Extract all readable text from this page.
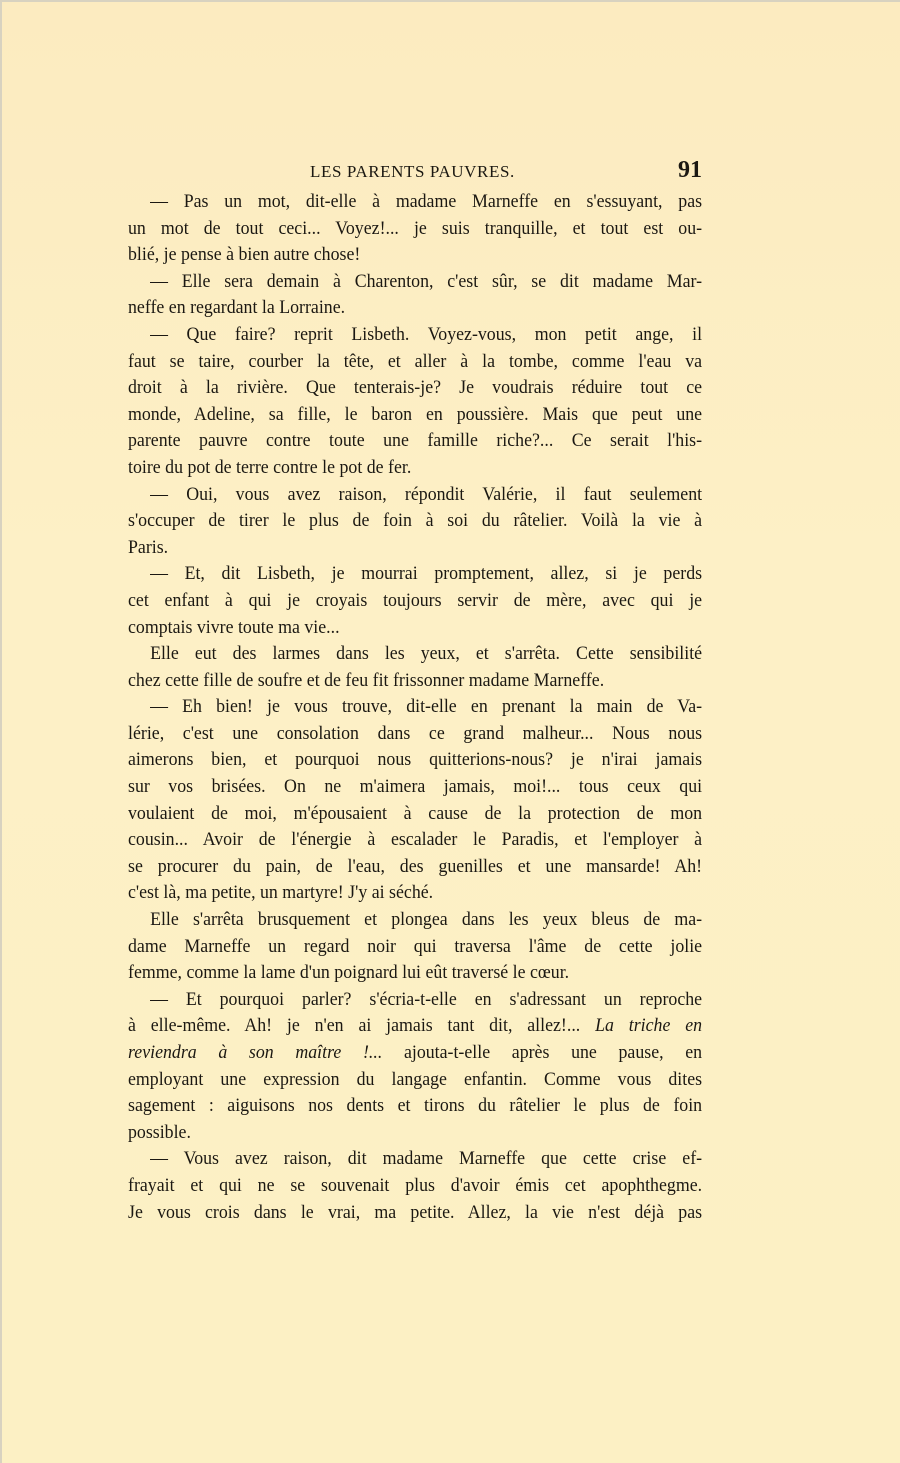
LES PARENTS PAUVRES.	91
— Pas un mot, dit-elle à madame Marneffe en s'essuyant, pas
un mot de tout ceci... Voyez!... je suis tranquille, et tout est ou-
blié, je pense à bien autre chose!
— Elle sera demain à Charenton, c'est sûr, se dit madame Mar-
neffe en regardant la Lorraine.
— Que faire? reprit Lisbeth. Voyez-vous, mon petit ange, il
faut se taire, courber la tête, et aller à la tombe, comme l'eau va
droit à la rivière. Que tenterais-je? Je voudrais réduire tout ce
monde, Adeline, sa fille, le baron en poussière. Mais que peut une
parente pauvre contre toute une famille riche?... Ce serait l'his-
toire du pot de terre contre le pot de fer.
— Oui, vous avez raison, répondit Valérie, il faut seulement
s'occuper de tirer le plus de foin à soi du râtelier. Voilà la vie à
Paris.
— Et, dit Lisbeth, je mourrai promptement, allez, si je perds
cet enfant à qui je croyais toujours servir de mère, avec qui je
comptais vivre toute ma vie...
Elle eut des larmes dans les yeux, et s'arrêta. Cette sensibilité
chez cette fille de soufre et de feu fit frissonner madame Marneffe.
— Eh bien! je vous trouve, dit-elle en prenant la main de Va-
lérie, c'est une consolation dans ce grand malheur... Nous nous
aimerons bien, et pourquoi nous quitterions-nous? je n'irai jamais
sur vos brisées. On ne m'aimera jamais, moi!... tous ceux qui
voulaient de moi, m'épousaient à cause de la protection de mon
cousin... Avoir de l'énergie à escalader le Paradis, et l'employer à
se procurer du pain, de l'eau, des guenilles et une mansarde! Ah!
c'est là, ma petite, un martyre! J'y ai séché.
Elle s'arrêta brusquement et plongea dans les yeux bleus de ma-
dame Marneffe un regard noir qui traversa l'âme de cette jolie
femme, comme la lame d'un poignard lui eût traversé le cœur.
— Et pourquoi parler? s'écria-t-elle en s'adressant un reproche
à elle-même. Ah! je n'en ai jamais tant dit, allez!... La triche en
reviendra à son maître !... ajouta-t-elle après une pause, en
employant une expression du langage enfantin. Comme vous dites
sagement : aiguisons nos dents et tirons du râtelier le plus de foin
possible.
— Vous avez raison, dit madame Marneffe que cette crise ef-
frayait et qui ne se souvenait plus d'avoir émis cet apophthegme.
Je vous crois dans le vrai, ma petite. Allez, la vie n'est déjà pas
